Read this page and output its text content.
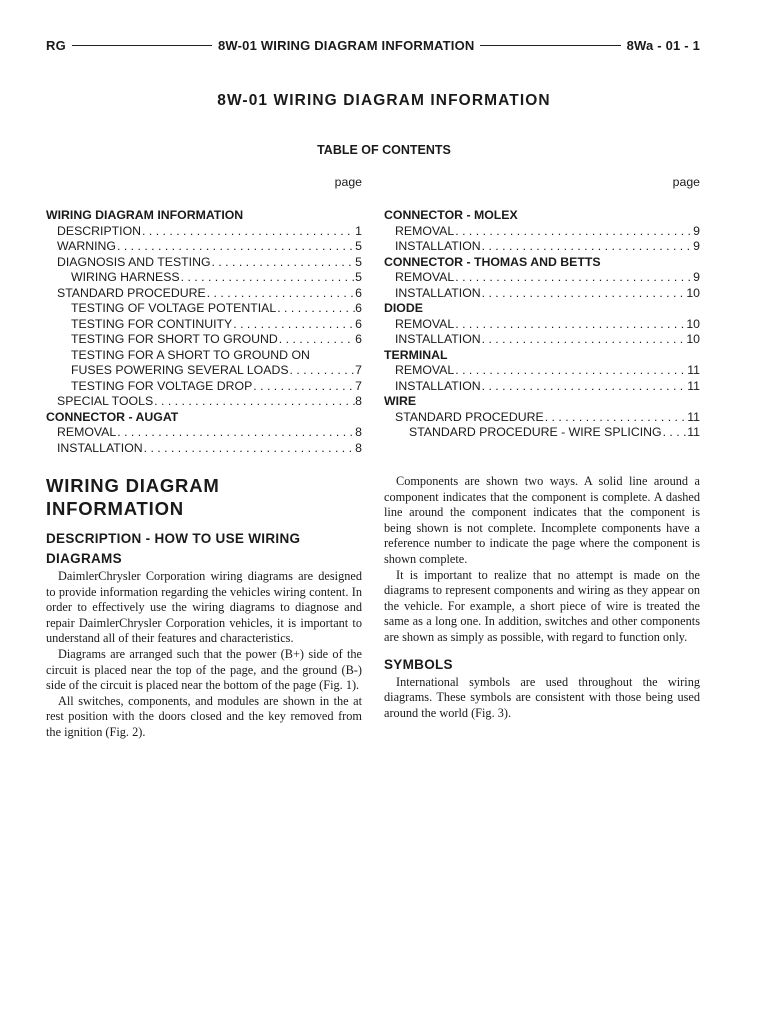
RG	8W-01 WIRING DIAGRAM INFORMATION	8Wa - 01 - 1
8W-01 WIRING DIAGRAM INFORMATION
TABLE OF CONTENTS
page
WIRING DIAGRAM INFORMATION
DESCRIPTION . . .	1
WARNING . . .	5
DIAGNOSIS AND TESTING . . .	5
WIRING HARNESS . . .	5
STANDARD PROCEDURE . . .	6
TESTING OF VOLTAGE POTENTIAL . . .	6
TESTING FOR CONTINUITY . . .	6
TESTING FOR SHORT TO GROUND . . .	6
TESTING FOR A SHORT TO GROUND ON
FUSES POWERING SEVERAL LOADS . . .	7
TESTING FOR VOLTAGE DROP . . .	7
SPECIAL TOOLS . . .	8
CONNECTOR - AUGAT
REMOVAL . . .	8
INSTALLATION . . .	8
page
CONNECTOR - MOLEX
REMOVAL . . .	9
INSTALLATION . . .	9
CONNECTOR - THOMAS AND BETTS
REMOVAL . . .	9
INSTALLATION . . .	10
DIODE
REMOVAL . . .	10
INSTALLATION . . .	10
TERMINAL
REMOVAL . . .	11
INSTALLATION . . .	11
WIRE
STANDARD PROCEDURE . . .	11
STANDARD PROCEDURE - WIRE SPLICING . . . 11
WIRING DIAGRAM INFORMATION
DESCRIPTION - HOW TO USE WIRING DIAGRAMS

DaimlerChrysler Corporation wiring diagrams are designed to provide information regarding the vehicles wiring content. In order to effectively use the wiring diagrams to diagnose and repair DaimlerChrysler Corporation vehicles, it is important to understand all of their features and characteristics.

Diagrams are arranged such that the power (B+) side of the circuit is placed near the top of the page, and the ground (B-) side of the circuit is placed near the bottom of the page (Fig. 1).

All switches, components, and modules are shown in the at rest position with the doors closed and the key removed from the ignition (Fig. 2).

Components are shown two ways. A solid line around a component indicates that the component is complete. A dashed line around the component indicates that the component is being shown is not complete. Incomplete components have a reference number to indicate the page where the component is shown complete.

It is important to realize that no attempt is made on the diagrams to represent components and wiring as they appear on the vehicle. For example, a short piece of wire is treated the same as a long one. In addition, switches and other components are shown as simply as possible, with regard to function only.

SYMBOLS

International symbols are used throughout the wiring diagrams. These symbols are consistent with those being used around the world (Fig. 3).
